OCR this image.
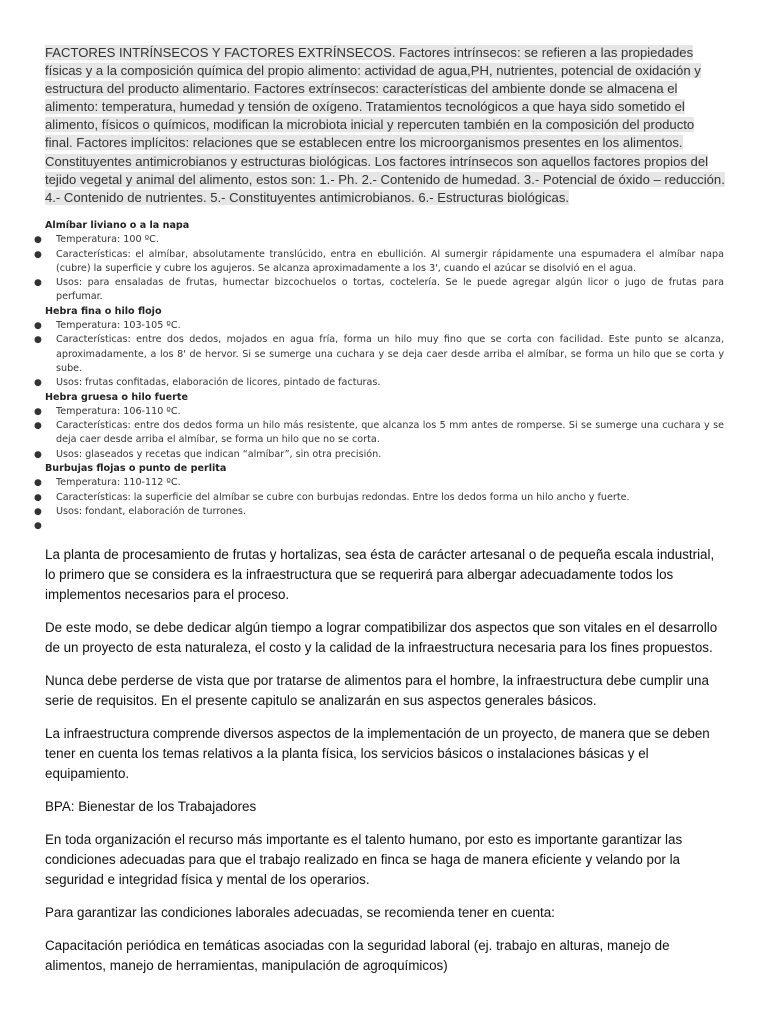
FACTORES INTRÍNSECOS Y FACTORES EXTRÍNSECOS. Factores intrínsecos: se refieren a las propiedades físicas y a la composición química del propio alimento: actividad de agua,PH, nutrientes, potencial de oxidación y estructura del producto alimentario. Factores extrínsecos: características del ambiente donde se almacena el alimento: temperatura, humedad y tensión de oxígeno. Tratamientos tecnológicos a que haya sido sometido el alimento, físicos o químicos, modifican la microbiota inicial y repercuten también en la composición del producto final. Factores implícitos: relaciones que se establecen entre los microorganismos presentes en los alimentos. Constituyentes antimicrobianos y estructuras biológicas. Los factores intrínsecos son aquellos factores propios del tejido vegetal y animal del alimento, estos son: 1.- Ph. 2.- Contenido de humedad. 3.- Potencial de óxido – reducción. 4.- Contenido de nutrientes. 5.- Constituyentes antimicrobianos. 6.- Estructuras biológicas.
Almíbar liviano o a la napa
● Temperatura: 100 ºC.
● Características: el almíbar, absolutamente translúcido, entra en ebullición. Al sumergir rápidamente una espumadera el almíbar napa (cubre) la superficie y cubre los agujeros. Se alcanza aproximadamente a los 3', cuando el azúcar se disolvió en el agua.
● Usos: para ensaladas de frutas, humectar bizcochuelos o tortas, coctelería. Se le puede agregar algún licor o jugo de frutas para perfumar.
Hebra fina o hilo flojo
● Temperatura: 103-105 ºC.
● Características: entre dos dedos, mojados en agua fría, forma un hilo muy fino que se corta con facilidad. Este punto se alcanza, aproximadamente, a los 8' de hervor. Si se sumerge una cuchara y se deja caer desde arriba el almíbar, se forma un hilo que se corta y sube.
● Usos: frutas confitadas, elaboración de licores, pintado de facturas.
Hebra gruesa o hilo fuerte
● Temperatura: 106-110 ºC.
● Características: entre dos dedos forma un hilo más resistente, que alcanza los 5 mm antes de romperse. Si se sumerge una cuchara y se deja caer desde arriba el almíbar, se forma un hilo que no se corta.
● Usos: glaseados y recetas que indican “almíbar”, sin otra precisión.
Burbujas flojas o punto de perlita
● Temperatura: 110-112 ºC.
● Características: la superficie del almíbar se cubre con burbujas redondas. Entre los dedos forma un hilo ancho y fuerte.
● Usos: fondant, elaboración de turrones.
●

La planta de procesamiento de frutas y hortalizas, sea ésta de carácter artesanal o de pequeña escala industrial, lo primero que se considera es la infraestructura que se requerirá para albergar adecuadamente todos los implementos necesarios para el proceso.

De este modo, se debe dedicar algún tiempo a lograr compatibilizar dos aspectos que son vitales en el desarrollo de un proyecto de esta naturaleza, el costo y la calidad de la infraestructura necesaria para los fines propuestos.

Nunca debe perderse de vista que por tratarse de alimentos para el hombre, la infraestructura debe cumplir una serie de requisitos. En el presente capitulo se analizarán en sus aspectos generales básicos.

La infraestructura comprende diversos aspectos de la implementación de un proyecto, de manera que se deben tener en cuenta los temas relativos a la planta física, los servicios básicos o instalaciones básicas y el equipamiento.

BPA: Bienestar de los Trabajadores

En toda organización el recurso más importante es el talento humano, por esto es importante garantizar las condiciones adecuadas para que el trabajo realizado en finca se haga de manera eficiente y velando por la seguridad e integridad física y mental de los operarios.

Para garantizar las condiciones laborales adecuadas, se recomienda tener en cuenta:

Capacitación periódica en temáticas asociadas con la seguridad laboral (ej. trabajo en alturas, manejo de alimentos, manejo de herramientas, manipulación de agroquímicos)
